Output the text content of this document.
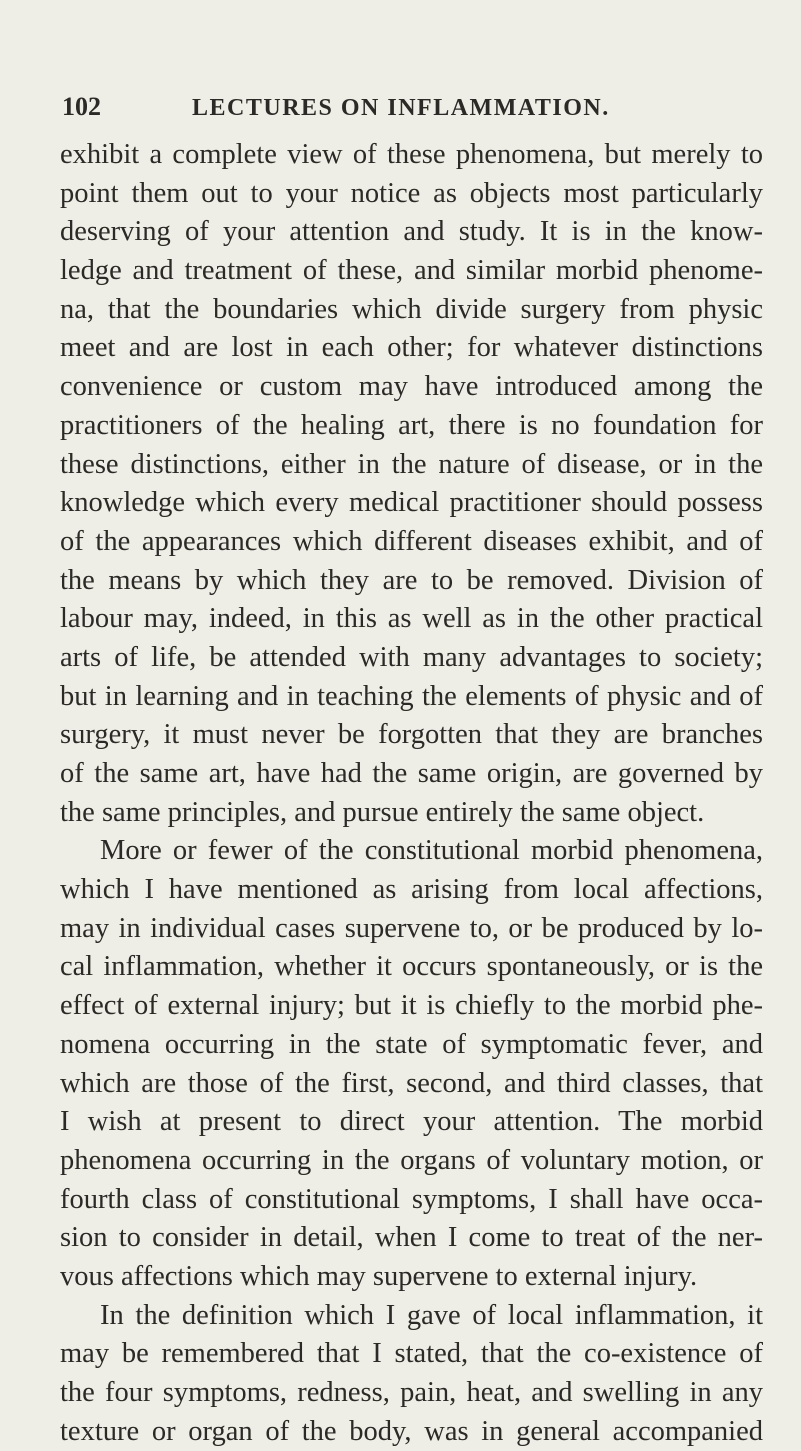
102	LECTURES ON INFLAMMATION.
exhibit a complete view of these phenomena, but merely to
point them out to your notice as objects most particularly
deserving of your attention and study. It is in the know-
ledge and treatment of these, and similar morbid phenome-
na, that the boundaries which divide surgery from physic
meet and are lost in each other; for whatever distinctions
convenience or custom may have introduced among the
practitioners of the healing art, there is no foundation for
these distinctions, either in the nature of disease, or in the
knowledge which every medical practitioner should possess
of the appearances which different diseases exhibit, and of
the means by which they are to be removed. Division of
labour may, indeed, in this as well as in the other practical
arts of life, be attended with many advantages to society;
but in learning and in teaching the elements of physic and of
surgery, it must never be forgotten that they are branches
of the same art, have had the same origin, are governed by
the same principles, and pursue entirely the same object.
More or fewer of the constitutional morbid phenomena,
which I have mentioned as arising from local affections,
may in individual cases supervene to, or be produced by lo-
cal inflammation, whether it occurs spontaneously, or is the
effect of external injury; but it is chiefly to the morbid phe-
nomena occurring in the state of symptomatic fever, and
which are those of the first, second, and third classes, that
I wish at present to direct your attention. The morbid
phenomena occurring in the organs of voluntary motion, or
fourth class of constitutional symptoms, I shall have occa-
sion to consider in detail, when I come to treat of the ner-
vous affections which may supervene to external injury.
In the definition which I gave of local inflammation, it
may be remembered that I stated, that the co-existence of
the four symptoms, redness, pain, heat, and swelling in any
texture or organ of the body, was in general accompanied
